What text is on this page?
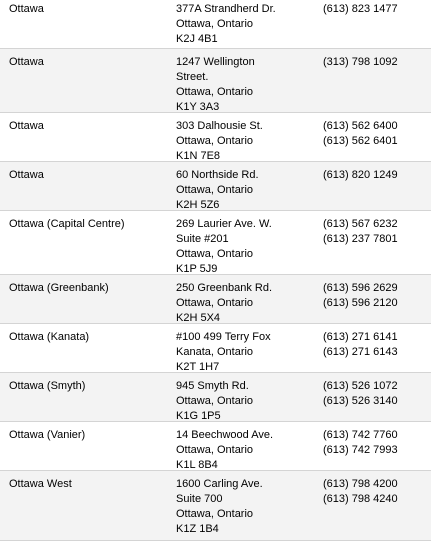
Ottawa	377A Strandherd Dr.
Ottawa, Ontario
K2J 4B1
(613) 823 1477
Ottawa	1247 Wellington
Street.
Ottawa, Ontario
K1Y 3A3
(313) 798 1092
Ottawa	303 Dalhousie St.
Ottawa, Ontario
K1N 7E8
(613) 562 6400
(613) 562 6401
Ottawa	60 Northside Rd.
Ottawa, Ontario
K2H 5Z6
(613) 820 1249
Ottawa (Capital Centre)	269 Laurier Ave. W.
Suite #201
Ottawa, Ontario
K1P 5J9
(613) 567 6232
(613) 237 7801
Ottawa (Greenbank)	250 Greenbank Rd.
Ottawa, Ontario
K2H 5X4
(613) 596 2629
(613) 596 2120
Ottawa (Kanata)	#100 499 Terry Fox
Kanata, Ontario
K2T 1H7
(613) 271 6141
(613) 271 6143
Ottawa (Smyth)	945 Smyth Rd.
Ottawa, Ontario
K1G 1P5
(613) 526 1072
(613) 526 3140
Ottawa (Vanier)	14 Beechwood Ave.
Ottawa, Ontario
K1L 8B4
(613) 742 7760
(613) 742 7993
Ottawa West	1600 Carling Ave.
Suite 700
Ottawa, Ontario
K1Z 1B4
(613) 798 4200
(613) 798 4240
